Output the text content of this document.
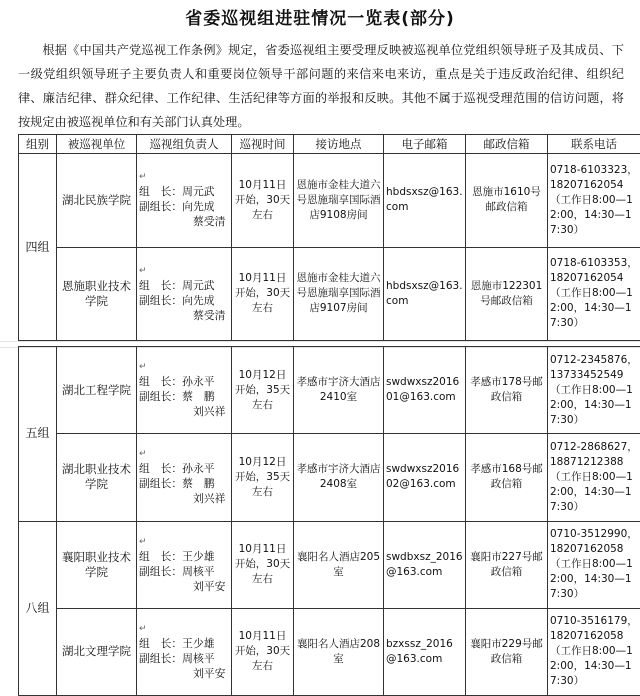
省委巡视组进驻情况一览表(部分)
根据《中国共产党巡视工作条例》规定，省委巡视组主要受理反映被巡视单位党组织领导班子及其成员、下一级党组织领导班子主要负责人和重要岗位领导干部问题的来信来电来访，重点是关于违反政治纪律、组织纪律、廉洁纪律、群众纪律、工作纪律、生活纪律等方面的举报和反映。其他不属于巡视受理范围的信访问题，将按规定由被巡视单位和有关部门认真处理。
组别	被巡视单位	巡视组负责人	巡视时间	接访地点	电子邮箱	邮政信箱	联系电话
四组	湖北民族学院	↵
组　长：周元武
副组长：向先成
蔡受清	10月11日开始，30天左右	恩施市金桂大道六号恩施瑞享国际酒店9108房间	hbdsxsz@163.com	恩施市1610号邮政信箱	0718-6103323，18207162054（工作日8:00—12:00，14:30—17:30）
	恩施职业技术学院	↵
组　长：周元武
副组长：向先成
蔡受清	10月11日开始，30天左右	恩施市金桂大道六号恩施瑞享国际酒店9107房间	hbdsxsz@163.com	恩施市122301号邮政信箱	0718-6103353，18207162054（工作日8:00—12:00，14:30—17:30）
五组	湖北工程学院	↵
组　长：孙永平
副组长：蔡　鹏
刘兴祥	10月12日开始，35天左右	孝感市宇济大酒店2410室	swdwxsz201601@163.com	孝感市178号邮政信箱	0712-2345876，13733452549（工作日8:00—12:00，14:30—17:30）
	湖北职业技术学院	↵
组　长：孙永平
副组长：蔡　鹏
刘兴祥	10月12日开始，35天左右	孝感市宇济大酒店2408室	swdwxsz201602@163.com	孝感市168号邮政信箱	0712-2868627，18871212388（工作日8:00—12:00，14:30—17:30）
八组	襄阳职业技术学院	↵
组　长：王少雄
副组长：周核平
刘平安	10月11日开始，30天左右	襄阳名人酒店205室	swdbxsz_2016@163.com	襄阳市227号邮政信箱	0710-3512990，18207162058（工作日8:00—12:00，14:30—17:30）
	湖北文理学院	↵
组　长：王少雄
副组长：周核平
刘平安	10月11日开始，30天左右	襄阳名人酒店208室	bzxssz_2016@163.com	襄阳市229号邮政信箱	0710-3516179，18207162058（工作日8:00—12:00，14:30—17:30）
